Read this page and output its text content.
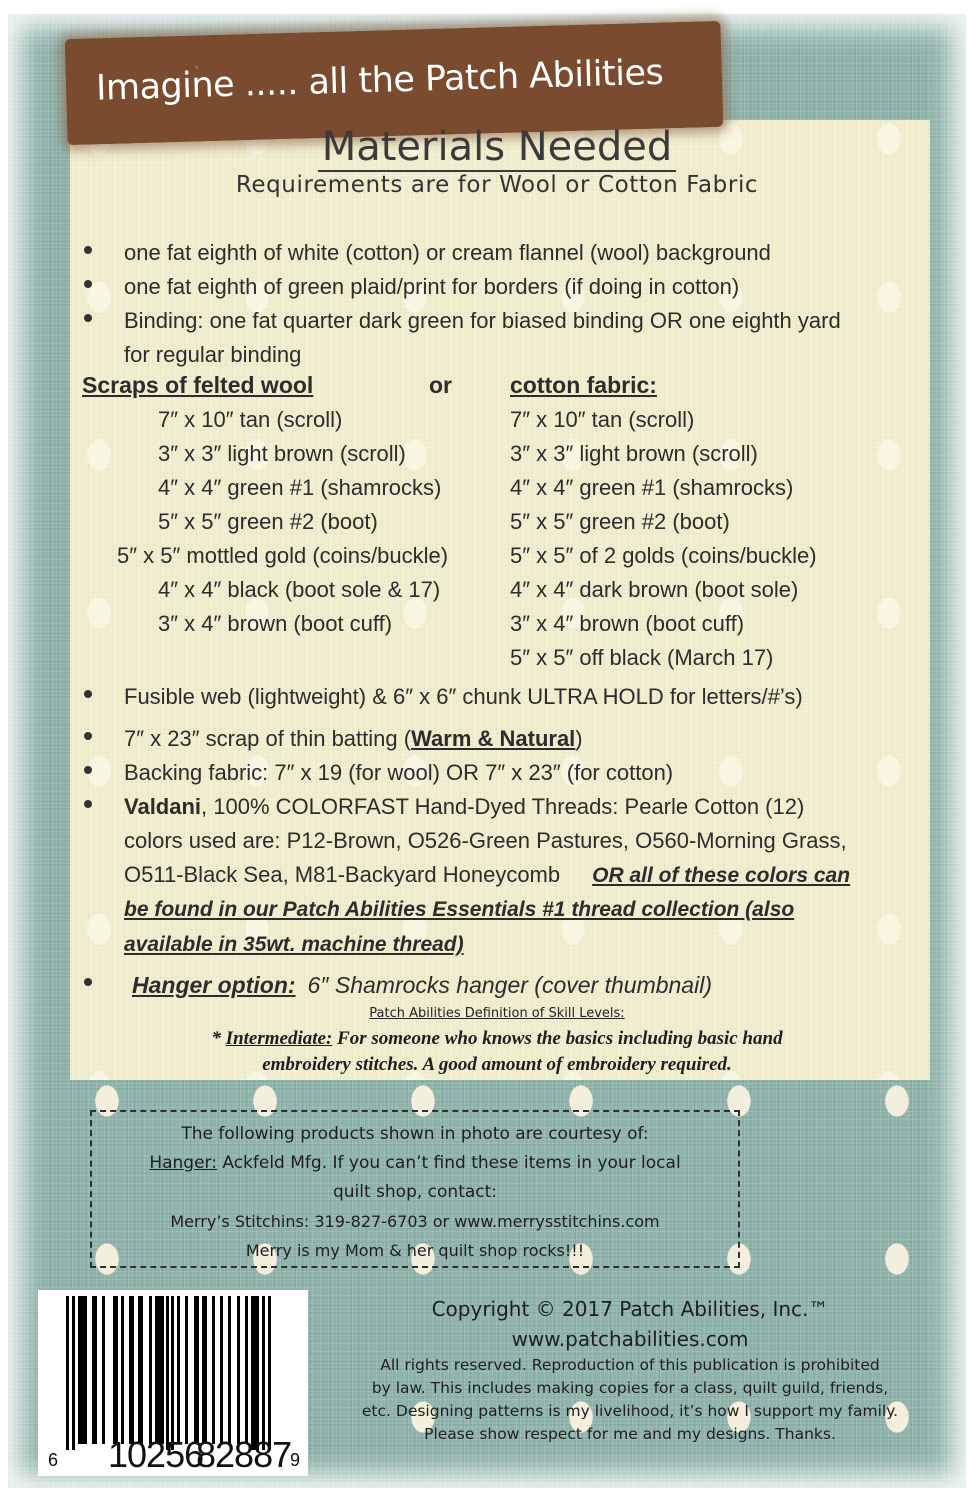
Imagine ..... all the Patch Abilities
Materials Needed
Requirements are for Wool or Cotton Fabric
one fat eighth of white (cotton) or cream flannel (wool) background
one fat eighth of green plaid/print for borders (if doing in cotton)
Binding: one fat quarter dark green for biased binding OR one eighth yard
for regular binding
Scraps of felted wool	or	cotton fabric:
7″ x 10″ tan (scroll)
3″ x 3″ light brown (scroll)
4″ x 4″ green #1 (shamrocks)
5″ x 5″ green #2 (boot)
5″ x 5″ mottled gold (coins/buckle)
4″ x 4″ black (boot sole & 17)
3″ x 4″ brown (boot cuff)
7″ x 10″ tan (scroll)
3″ x 3″ light brown (scroll)
4″ x 4″ green #1 (shamrocks)
5″ x 5″ green #2 (boot)
5″ x 5″ of 2 golds (coins/buckle)
4″ x 4″ dark brown (boot sole)
3″ x 4″ brown (boot cuff)
5″ x 5″ off black (March 17)
Fusible web (lightweight) & 6″ x 6″ chunk ULTRA HOLD for letters/#’s)
7″ x 23″ scrap of thin batting (Warm & Natural)
Backing fabric: 7″ x 19 (for wool) OR 7″ x 23″ (for cotton)
Valdani, 100% COLORFAST Hand-Dyed Threads: Pearle Cotton (12)
colors used are: P12-Brown, O526-Green Pastures, O560-Morning Grass,
O511-Black Sea, M81-Backyard Honeycomb OR all of these colors can
be found in our Patch Abilities Essentials #1 thread collection (also
available in 35wt. machine thread)
Hanger option: 6″ Shamrocks hanger (cover thumbnail)
Patch Abilities Definition of Skill Levels:
* Intermediate: For someone who knows the basics including basic hand
embroidery stitches. A good amount of embroidery required.
The following products shown in photo are courtesy of:
Hanger: Ackfeld Mfg. If you can’t find these items in your local
quilt shop, contact:
Merry’s Stitchins: 319-827-6703 or www.merrysstitchins.com
Merry is my Mom & her quilt shop rocks!!!
6 10256
82887
9
Copyright © 2017 Patch Abilities, Inc.™
www.patchabilities.com
All rights reserved. Reproduction of this publication is prohibited
by law. This includes making copies for a class, quilt guild, friends,
etc. Designing patterns is my livelihood, it’s how I support my family.
Please show respect for me and my designs. Thanks.
